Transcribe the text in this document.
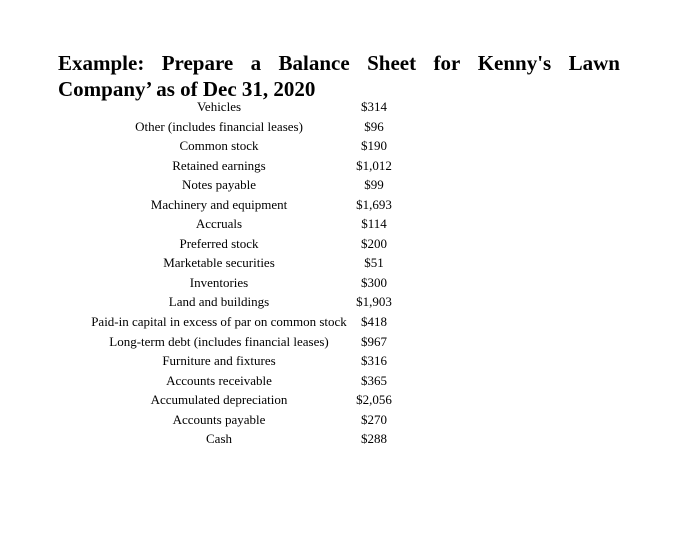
Example: Prepare a Balance Sheet for Kenny's Lawn
Company’ as of Dec 31, 2020
Vehicles	$314
Other (includes financial leases)	$96
Common stock	$190
Retained earnings	$1,012
Notes payable	$99
Machinery and equipment	$1,693
Accruals	$114
Preferred stock	$200
Marketable securities	$51
Inventories	$300
Land and buildings	$1,903
Paid-in capital in excess of par on common stock $418
Long-term debt (includes financial leases) $967
Furniture and fixtures	$316
Accounts receivable	$365
Accumulated depreciation	$2,056
Accounts payable	$270
Cash	$288
